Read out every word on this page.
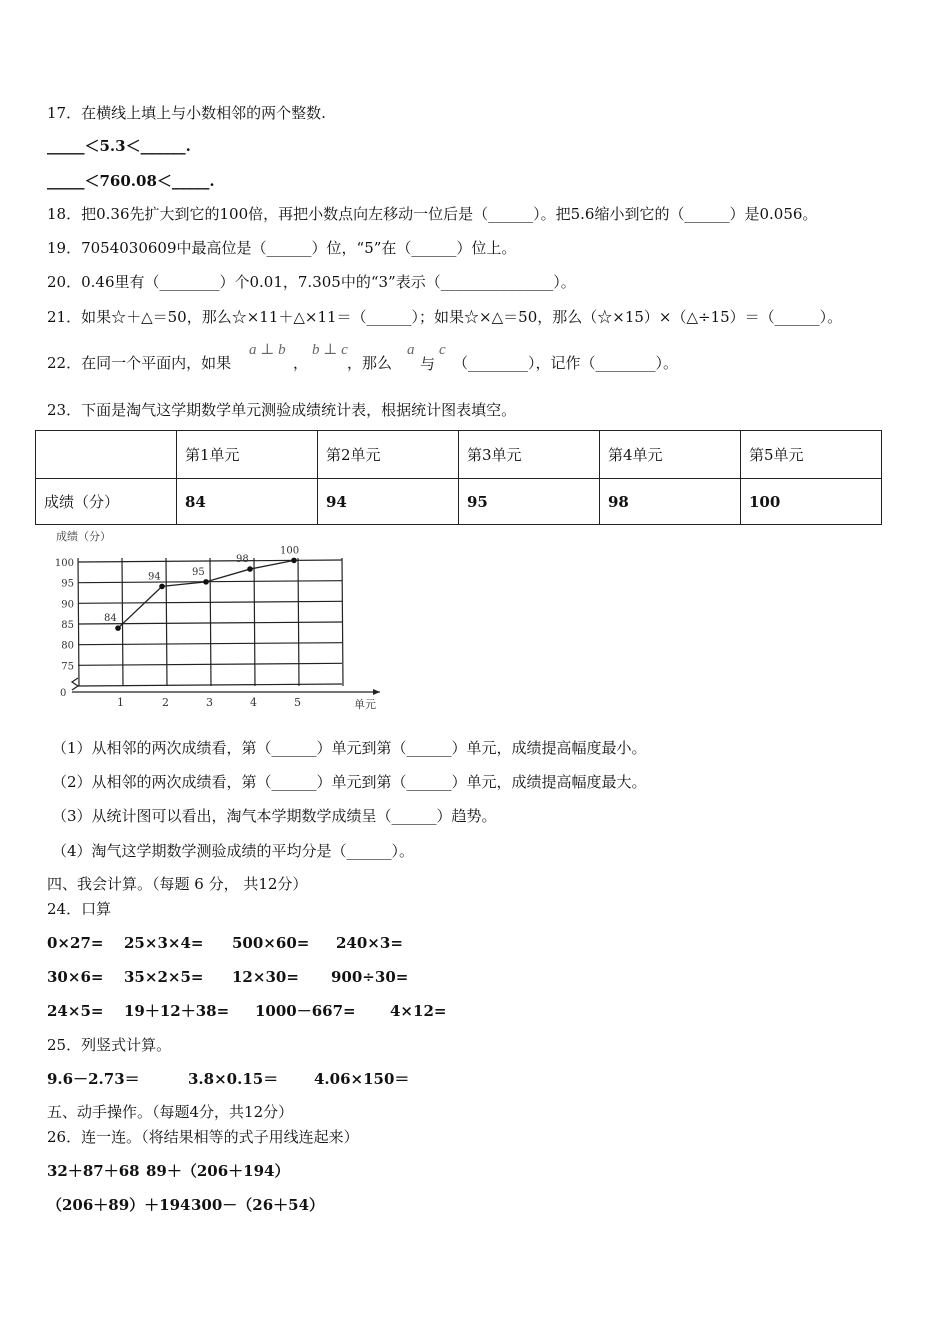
17．在横线上填上与小数相邻的两个整数.
_____＜5.3＜______.
_____＜760.08＜_____.
18．把0.36先扩大到它的100倍，再把小数点向左移动一位后是（______）。把5.6缩小到它的（______）是0.056。
19．7054030609中最高位是（______）位，“5”在（______）位上。
20．0.46里有（________）个0.01，7.305中的“3”表示（_______________）。
21．如果☆＋△＝50，那么☆×11＋△×11＝（______）；如果☆×△＝50，那么（☆×15）×（△÷15）＝（______）。
22．在同一个平面内，如果
a ⊥ b
，
b ⊥ c
，那么
a
与
c
（________），记作（________）。
23．下面是淘气这学期数学单元测验成绩统计表，根据统计图表填空。
	第1单元	第2单元	第3单元	第4单元	第5单元
成绩（分）	84	94	95	98	100
成绩（分）
75
80
85
90
95
100
0
单元
1	2	3	4	5
84
94	95
98
100
（1）从相邻的两次成绩看，第（______）单元到第（______）单元，成绩提高幅度最小。
（2）从相邻的两次成绩看，第（______）单元到第（______）单元，成绩提高幅度最大。
（3）从统计图可以看出，淘气本学期数学成绩呈（______）趋势。
（4）淘气这学期数学测验成绩的平均分是（______）。
四、我会计算。（每题 6 分， 共12分）
24．口算
0×27= 25×3×4= 500×60= 240×3=
30×6= 35×2×5= 12×30= 900÷30=
24×5= 19＋12＋38= 1000－667= 4×12=
25．列竖式计算。
9.6－2.73＝	3.8×0.15＝ 4.06×150＝
五、动手操作。（每题4分，共12分）
26．连一连。（将结果相等的式子用线连起来）
32＋87＋68 89＋（206＋194）
（206＋89）＋194 300－（26＋54）
